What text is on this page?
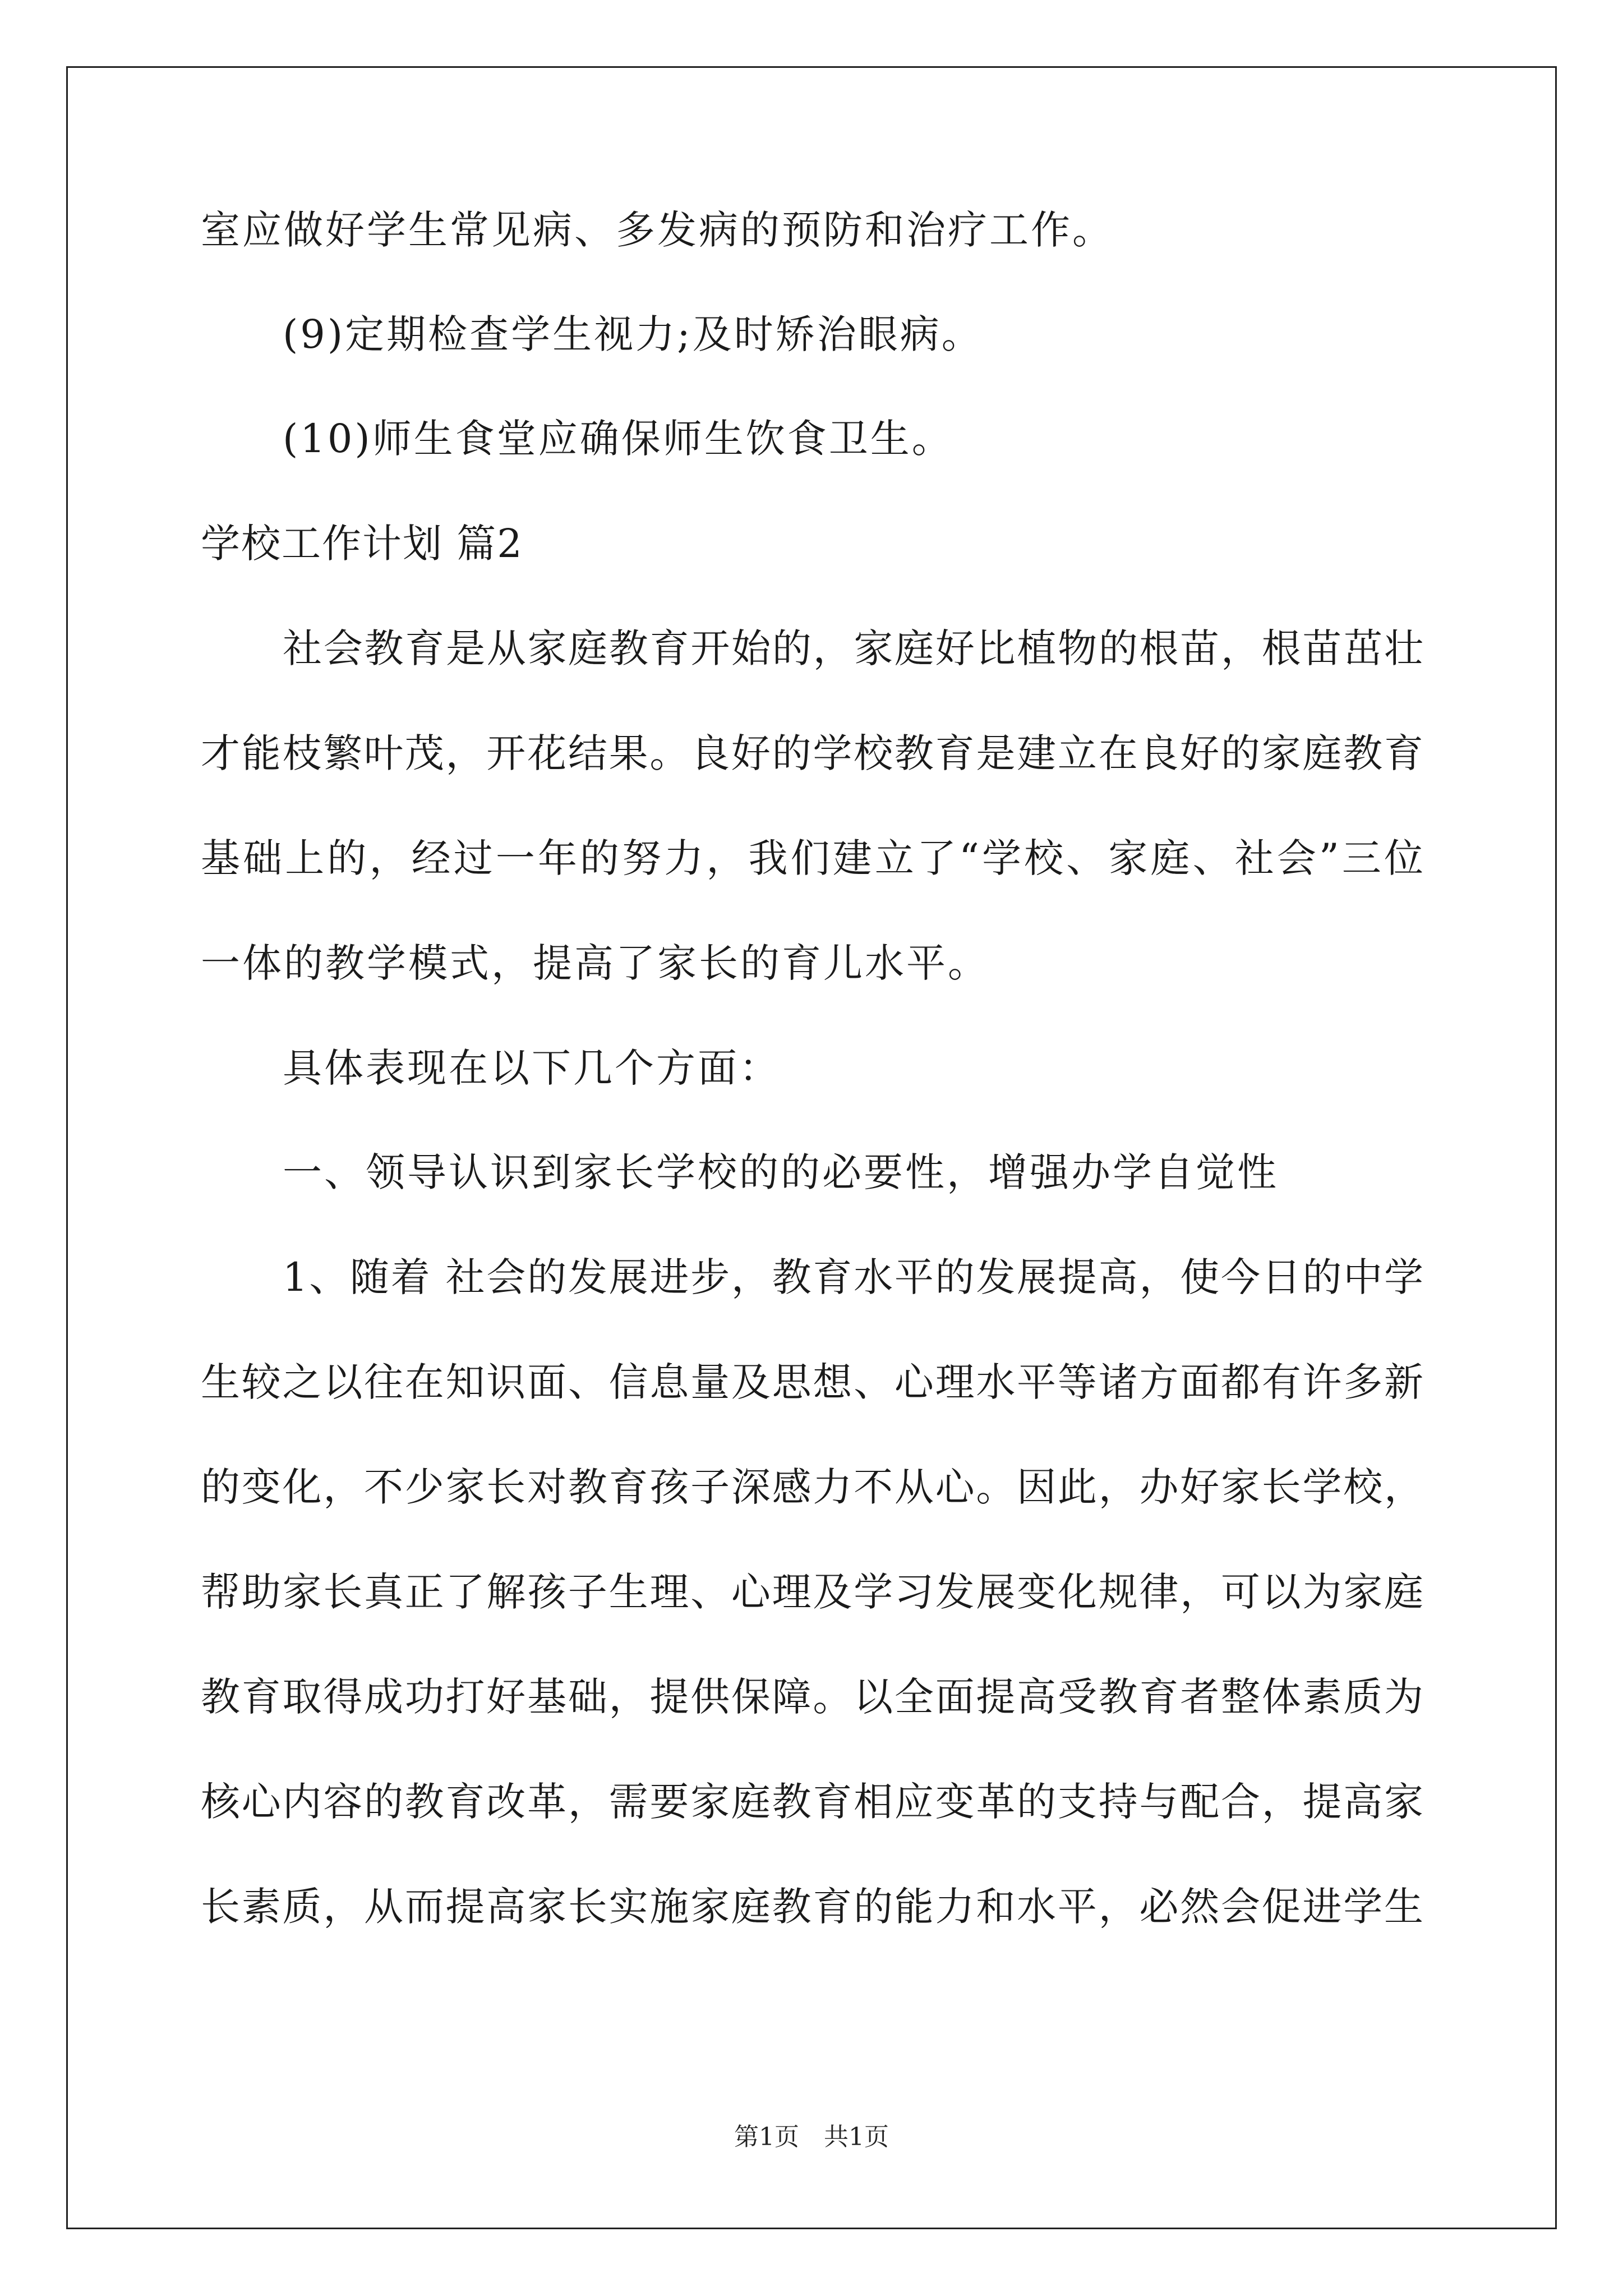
室应做好学生常见病、多发病的预防和治疗工作。
(9)定期检查学生视力;及时矫治眼病。
(10)师生食堂应确保师生饮食卫生。
学校工作计划 篇2
社会教育是从家庭教育开始的，家庭好比植物的根苗，根苗茁壮
才能枝繁叶茂，开花结果。良好的学校教育是建立在良好的家庭教育
基础上的，经过一年的努力，我们建立了“学校、家庭、社会”三位
一体的教学模式，提高了家长的育儿水平。
具体表现在以下几个方面：
一、领导认识到家长学校的的必要性，增强办学自觉性
1、随着 社会的发展进步，教育水平的发展提高，使今日的中学
生较之以往在知识面、信息量及思想、心理水平等诸方面都有许多新
的变化，不少家长对教育孩子深感力不从心。因此，办好家长学校，
帮助家长真正了解孩子生理、心理及学习发展变化规律，可以为家庭
教育取得成功打好基础，提供保障。以全面提高受教育者整体素质为
核心内容的教育改革，需要家庭教育相应变革的支持与配合，提高家
长素质，从而提高家长实施家庭教育的能力和水平，必然会促进学生
第1页　共1页
